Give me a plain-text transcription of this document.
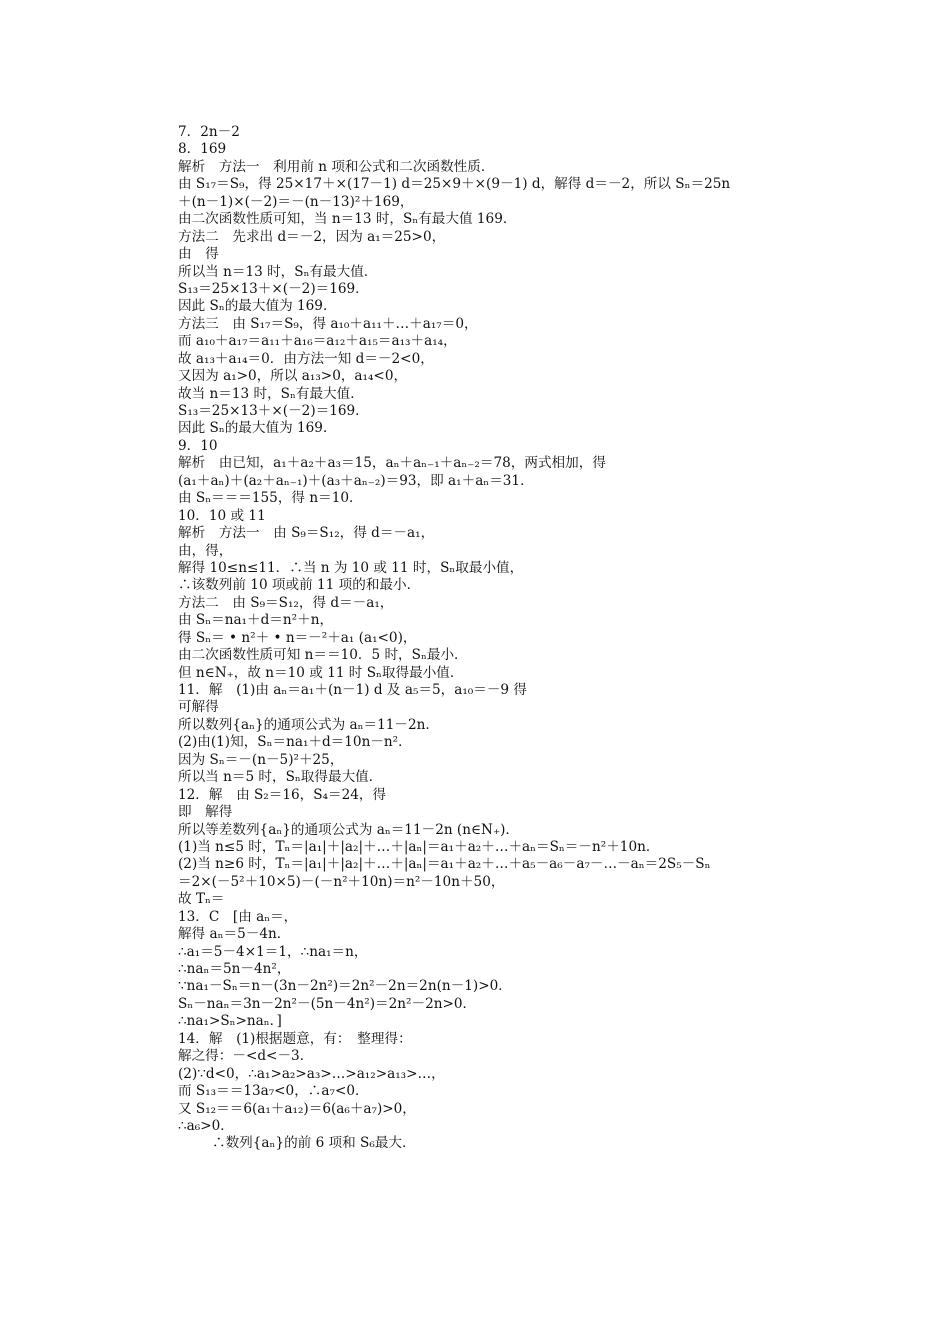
7．2n－2
8．169
解析　方法一　利用前 n 项和公式和二次函数性质．
由 S₁₇＝S₉，得 25×17＋×(17－1) d＝25×9＋×(9－1) d，解得 d＝－2，所以 Sₙ＝25n
＋(n－1)×(－2)＝－(n－13)²＋169，
由二次函数性质可知，当 n＝13 时，Sₙ有最大值 169．
方法二　先求出 d＝－2，因为 a₁＝25>0，
由　得
所以当 n＝13 时，Sₙ有最大值．
S₁₃＝25×13＋×(－2)＝169．
因此 Sₙ的最大值为 169．
方法三　由 S₁₇＝S₉，得 a₁₀＋a₁₁＋…＋a₁₇＝0，
而 a₁₀＋a₁₇＝a₁₁＋a₁₆＝a₁₂＋a₁₅＝a₁₃＋a₁₄，
故 a₁₃＋a₁₄＝0．由方法一知 d＝－2<0，
又因为 a₁>0，所以 a₁₃>0，a₁₄<0，
故当 n＝13 时，Sₙ有最大值．
S₁₃＝25×13＋×(－2)＝169．
因此 Sₙ的最大值为 169．
9．10
解析　由已知，a₁＋a₂＋a₃＝15，aₙ＋aₙ₋₁＋aₙ₋₂＝78，两式相加，得
(a₁＋aₙ)＋(a₂＋aₙ₋₁)＋(a₃＋aₙ₋₂)＝93，即 a₁＋aₙ＝31．
由 Sₙ＝＝＝155，得 n＝10．
10．10 或 11
解析　方法一　由 S₉＝S₁₂，得 d＝－a₁，
由，得，
解得 10≤n≤11．∴当 n 为 10 或 11 时，Sₙ取最小值，
∴该数列前 10 项或前 11 项的和最小．
方法二　由 S₉＝S₁₂，得 d＝－a₁，
由 Sₙ＝na₁＋d＝n²＋n，
得 Sₙ＝ • n²＋ • n＝－²＋a₁ (a₁<0)，
由二次函数性质可知 n＝＝10．5 时，Sₙ最小．
但 n∈N₊，故 n＝10 或 11 时 Sₙ取得最小值．
11．解　(1)由 aₙ＝a₁＋(n－1) d 及 a₅＝5，a₁₀＝－9 得
可解得
所以数列{aₙ}的通项公式为 aₙ＝11－2n．
(2)由(1)知，Sₙ＝na₁＋d＝10n－n²．
因为 Sₙ＝－(n－5)²＋25，
所以当 n＝5 时，Sₙ取得最大值．
12．解　由 S₂＝16，S₄＝24，得
即　解得
所以等差数列{aₙ}的通项公式为 aₙ＝11－2n (n∈N₊)．
(1)当 n≤5 时，Tₙ＝|a₁|＋|a₂|＋…＋|aₙ|＝a₁＋a₂＋…＋aₙ＝Sₙ＝－n²＋10n．
(2)当 n≥6 时，Tₙ＝|a₁|＋|a₂|＋…＋|aₙ|＝a₁＋a₂＋…＋a₅－a₆－a₇－…－aₙ＝2S₅－Sₙ
＝2×(－5²＋10×5)－(－n²＋10n)＝n²－10n＋50，
故 Tₙ＝
13．C　[由 aₙ＝，
解得 aₙ＝5－4n．
∴a₁＝5－4×1＝1，∴na₁＝n，
∴naₙ＝5n－4n²，
∵na₁－Sₙ＝n－(3n－2n²)＝2n²－2n＝2n(n－1)>0．
Sₙ－naₙ＝3n－2n²－(5n－4n²)＝2n²－2n>0．
∴na₁>Sₙ>naₙ．]
14．解　(1)根据题意，有：　整理得：
解之得：－<d<－3．
(2)∵d<0，∴a₁>a₂>a₃>…>a₁₂>a₁₃>…，
而 S₁₃＝＝13a₇<0，∴a₇<0．
又 S₁₂＝＝6(a₁＋a₁₂)＝6(a₆＋a₇)>0，
∴a₆>0．
∴数列{aₙ}的前 6 项和 S₆最大．
